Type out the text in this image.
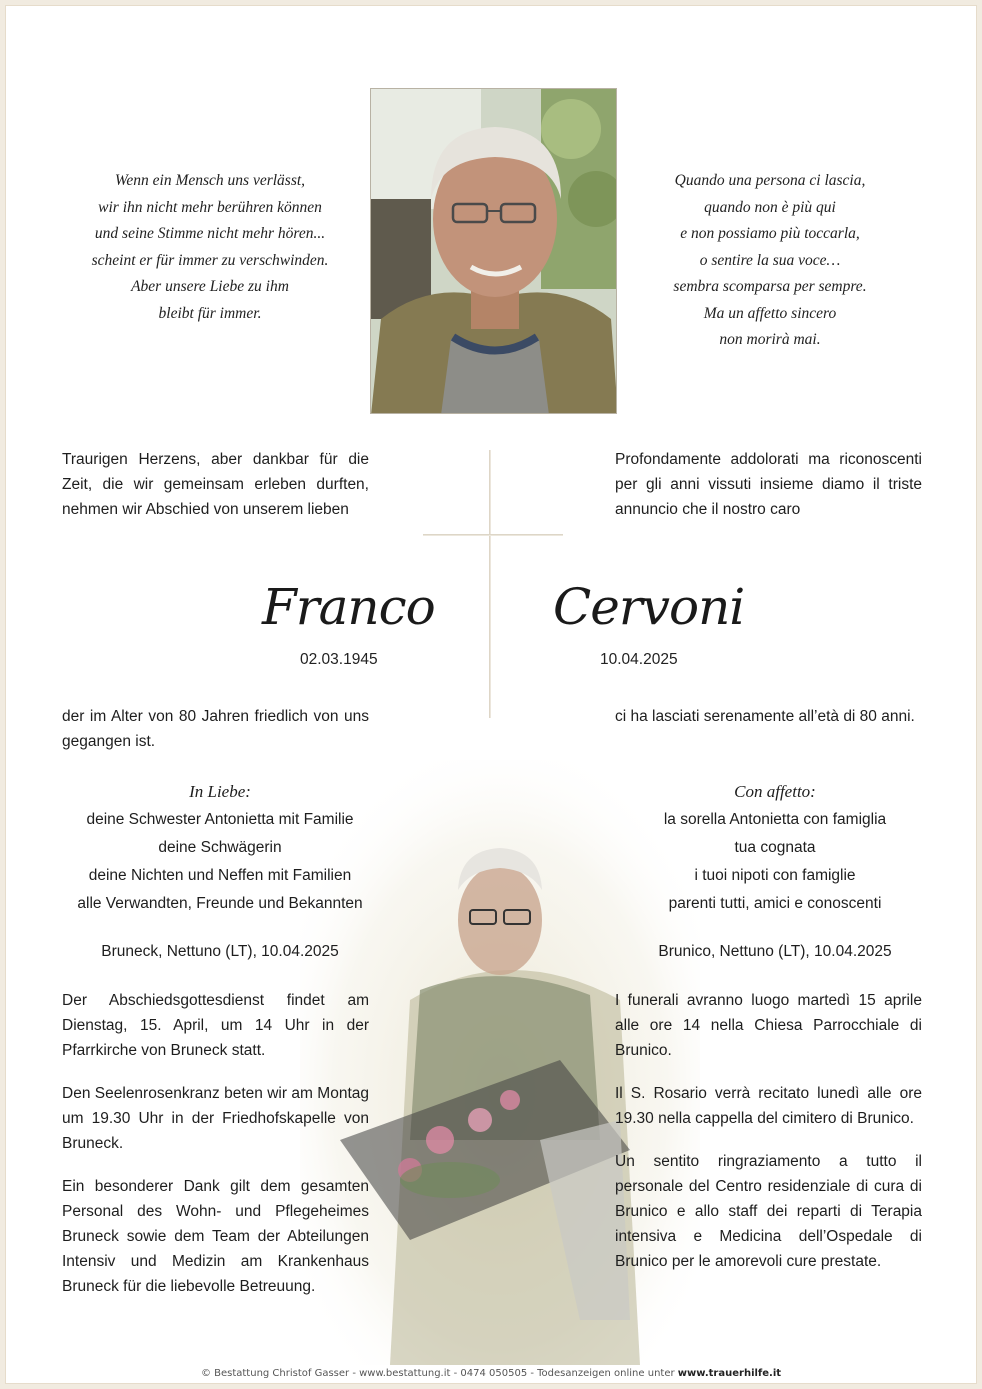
Wenn ein Mensch uns verlässt,
wir ihn nicht mehr berühren können
und seine Stimme nicht mehr hören...
scheint er für immer zu verschwinden.
Aber unsere Liebe zu ihm
bleibt für immer.
Quando una persona ci lascia,
quando non è più qui
e non possiamo più toccarla,
o sentire la sua voce…
sembra scomparsa per sempre.
Ma un affetto sincero
non morirà mai.
Traurigen Herzens, aber dankbar für die Zeit, die wir gemeinsam erleben durften, nehmen wir Abschied von unserem lieben
Profondamente addolorati ma riconoscenti per gli anni vissuti insieme diamo il triste annuncio che il nostro caro
Franco Cervoni
02.03.1945	10.04.2025
der im Alter von 80 Jahren friedlich von uns gegangen ist.
ci ha lasciati serenamente all’età di 80 anni.
In Liebe:
deine Schwester Antonietta mit Familie
deine Schwägerin
deine Nichten und Neffen mit Familien
alle Verwandten, Freunde und Bekannten
Bruneck, Nettuno (LT), 10.04.2025
Con affetto:
la sorella Antonietta con famiglia
tua cognata
i tuoi nipoti con famiglie
parenti tutti, amici e conoscenti
Brunico, Nettuno (LT), 10.04.2025

Der Abschiedsgottesdienst findet am Dienstag, 15. April, um 14 Uhr in der Pfarrkirche von Bruneck statt.

Den Seelenrosenkranz beten wir am Montag um 19.30 Uhr in der Friedhofskapelle von Bruneck.

Ein besonderer Dank gilt dem gesamten Personal des Wohn- und Pflegeheimes Bruneck sowie dem Team der Abteilungen Intensiv und Medizin am Krankenhaus Bruneck für die liebevolle Betreuung.

I funerali avranno luogo martedì 15 aprile alle ore 14 nella Chiesa Parrocchiale di Brunico.

Il S. Rosario verrà recitato lunedì alle ore 19.30 nella cappella del cimitero di Brunico.

Un sentito ringraziamento a tutto il personale del Centro residenziale di cura di Brunico e allo staff dei reparti di Terapia intensiva e Medicina dell’Ospedale di Brunico per le amorevoli cure prestate.

© Bestattung Christof Gasser - www.bestattung.it - 0474 050505 - Todesanzeigen online unter www.trauerhilfe.it
